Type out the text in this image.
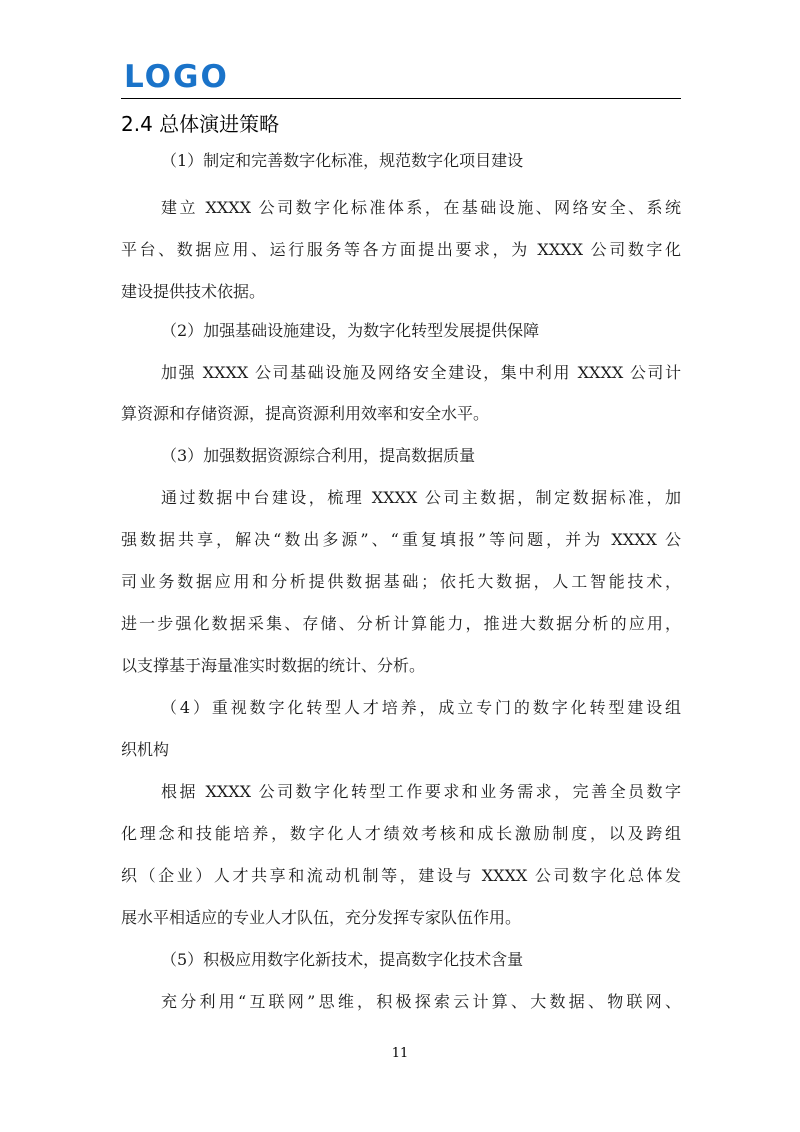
LOGO
2.4 总体演进策略
（1）制定和完善数字化标准，规范数字化项目建设
建立 XXXX 公司数字化标准体系，在基础设施、网络安全、系统
平台、数据应用、运行服务等各方面提出要求，为 XXXX 公司数字化
建设提供技术依据。
（2）加强基础设施建设，为数字化转型发展提供保障
加强 XXXX 公司基础设施及网络安全建设，集中利用 XXXX 公司计
算资源和存储资源，提高资源利用效率和安全水平。
（3）加强数据资源综合利用，提高数据质量
通过数据中台建设，梳理 XXXX 公司主数据，制定数据标准，加
强数据共享，解决“数出多源”、“重复填报”等问题，并为 XXXX 公
司业务数据应用和分析提供数据基础；依托大数据，人工智能技术，
进一步强化数据采集、存储、分析计算能力，推进大数据分析的应用，
以支撑基于海量准实时数据的统计、分析。
（4）重视数字化转型人才培养，成立专门的数字化转型建设组
织机构
根据 XXXX 公司数字化转型工作要求和业务需求，完善全员数字
化理念和技能培养，数字化人才绩效考核和成长激励制度，以及跨组
织（企业）人才共享和流动机制等，建设与 XXXX 公司数字化总体发
展水平相适应的专业人才队伍，充分发挥专家队伍作用。
（5）积极应用数字化新技术，提高数字化技术含量
充分利用“互联网”思维，积极探索云计算、大数据、物联网、
11
